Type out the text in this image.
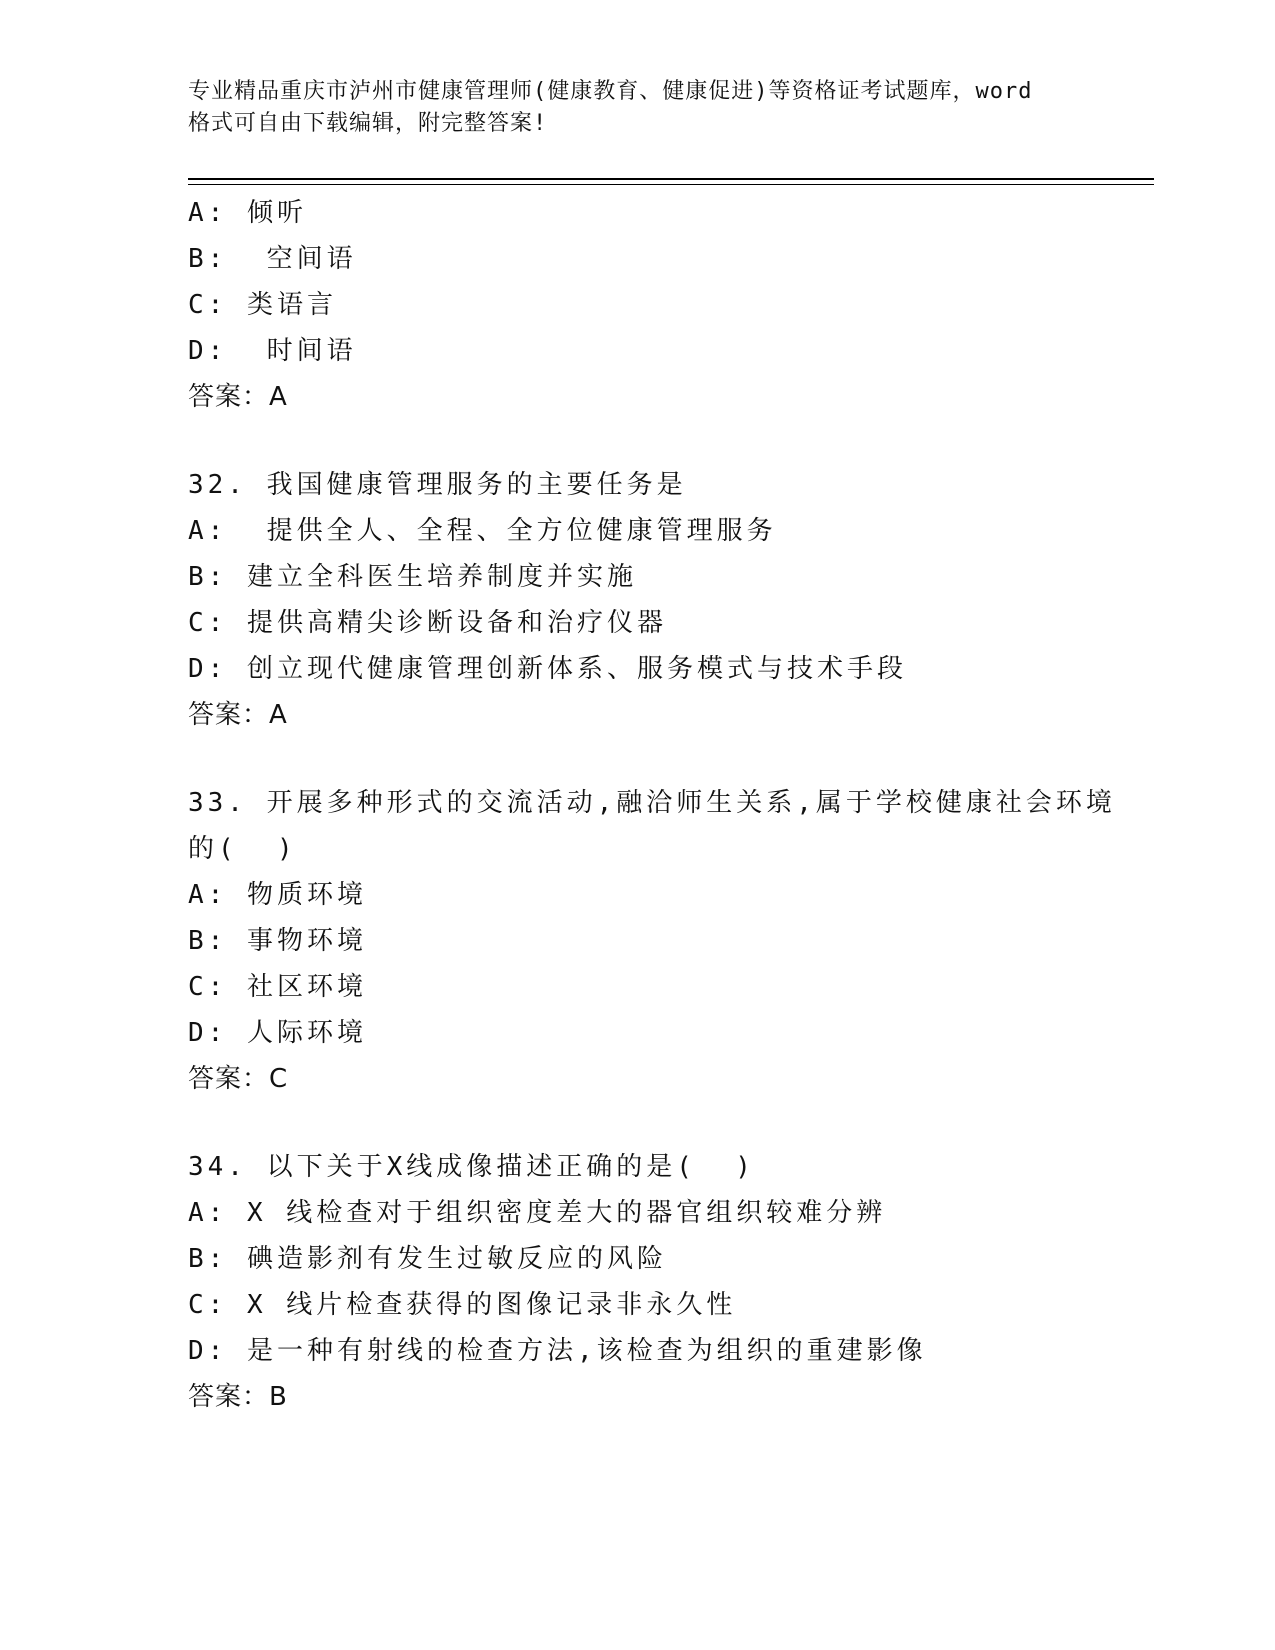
专业精品重庆市泸州市健康管理师(健康教育、健康促进)等资格证考试题库，word
格式可自由下载编辑，附完整答案!
A: 倾听
B:  空间语
C: 类语言
D:  时间语
答案：A
32. 我国健康管理服务的主要任务是
A:  提供全人、全程、全方位健康管理服务
B: 建立全科医生培养制度并实施
C: 提供高精尖诊断设备和治疗仪器
D: 创立现代健康管理创新体系、服务模式与技术手段
答案：A
33. 开展多种形式的交流活动,融洽师生关系,属于学校健康社会环境
的(  )
A: 物质环境
B: 事物环境
C: 社区环境
D: 人际环境
答案：C
34. 以下关于X线成像描述正确的是(  )
A: X 线检查对于组织密度差大的器官组织较难分辨
B: 碘造影剂有发生过敏反应的风险
C: X 线片检查获得的图像记录非永久性
D: 是一种有射线的检查方法,该检查为组织的重建影像
答案：B
